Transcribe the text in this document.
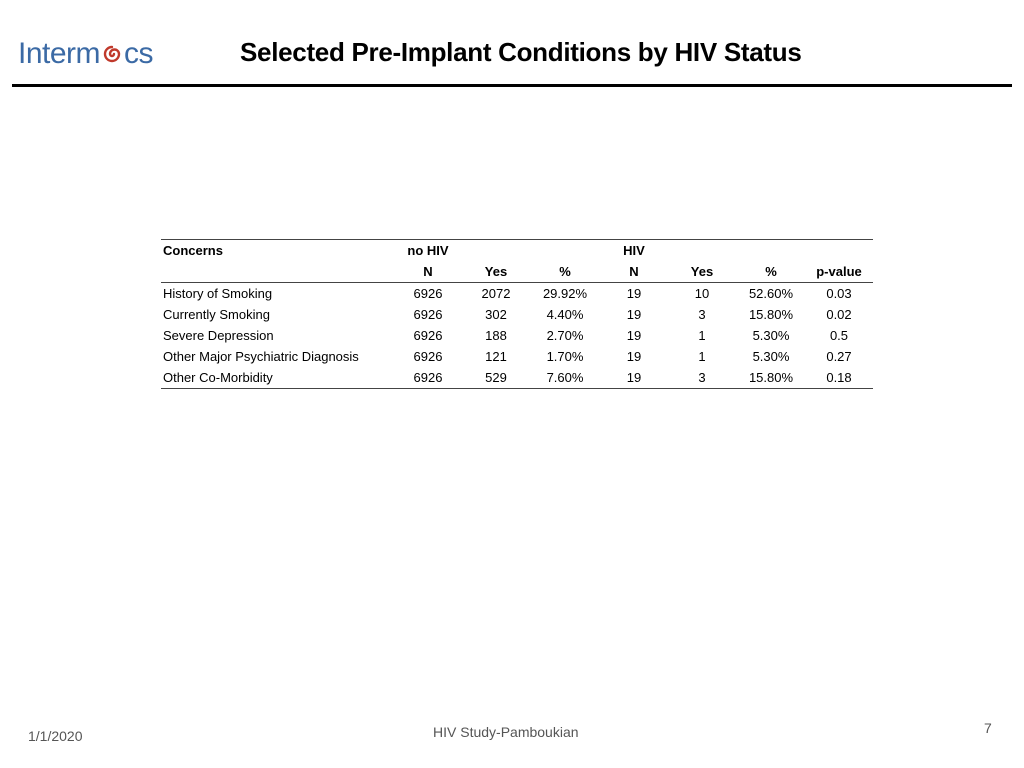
Interm cs	Selected Pre-Implant Conditions by HIV Status
Concerns	no HIV			HIV			
	N	Yes	%	N	Yes	%	p-value
History of Smoking	6926	2072	29.92%	19	10	52.60%	0.03
Currently Smoking	6926	302	4.40%	19	3	15.80%	0.02
Severe Depression	6926	188	2.70%	19	1	5.30%	0.5
Other Major Psychiatric Diagnosis	6926	121	1.70%	19	1	5.30%	0.27
Other Co-Morbidity	6926	529	7.60%	19	3	15.80%	0.18
1/1/2020	HIV Study-Pamboukian	7
